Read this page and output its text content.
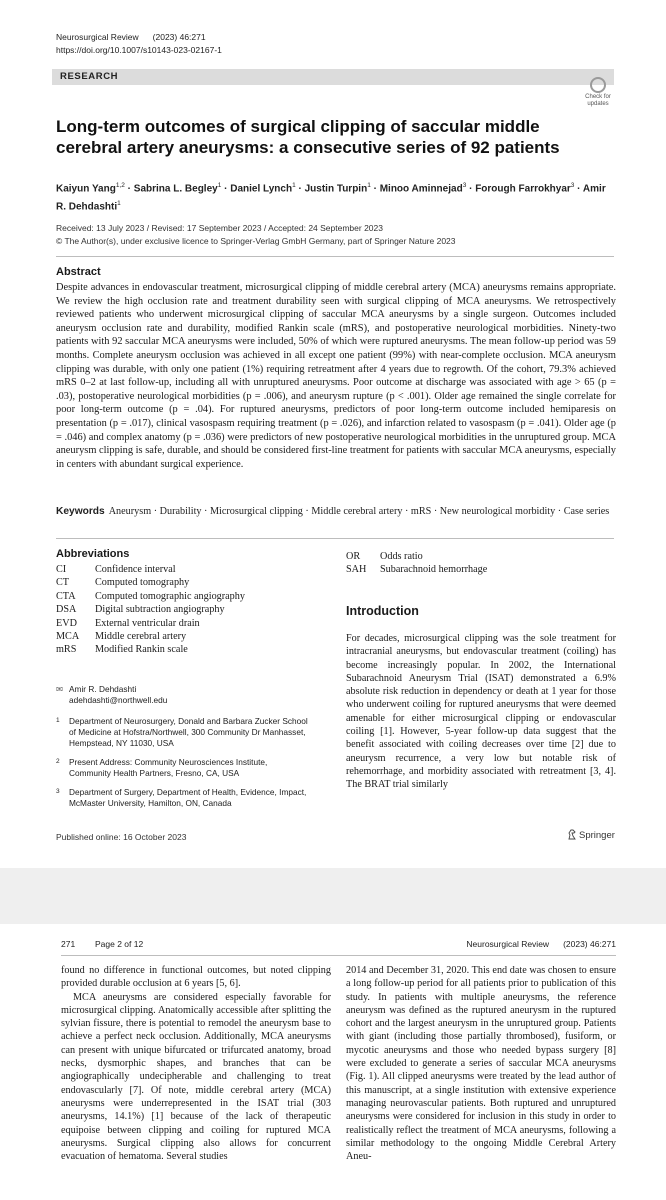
Neurosurgical Review (2023) 46:271
https://doi.org/10.1007/s10143-023-02167-1
RESEARCH
Check for
updates
Long-term outcomes of surgical clipping of saccular middle cerebral artery aneurysms: a consecutive series of 92 patients
Kaiyun Yang$^{1,2}$ · Sabrina L. Begley$^1$ · Daniel Lynch$^1$ · Justin Turpin$^1$ · Minoo Aminnejad$^3$ · Forough Farrokhyar$^3$ · Amir R. Dehdashti$^1$
Received: 13 July 2023 / Revised: 17 September 2023 / Accepted: 24 September 2023
© The Author(s), under exclusive licence to Springer-Verlag GmbH Germany, part of Springer Nature 2023
Abstract

Despite advances in endovascular treatment, microsurgical clipping of middle cerebral artery (MCA) aneurysms remains appropriate. We review the high occlusion rate and treatment durability seen with surgical clipping of MCA aneurysms. We retrospectively reviewed patients who underwent microsurgical clipping of saccular MCA aneurysms by a single surgeon. Outcomes included aneurysm occlusion rate and durability, modified Rankin scale (mRS), and postoperative neurological morbidities. Ninety-two patients with 92 saccular MCA aneurysms were included, 50% of which were ruptured aneurysms. The mean follow-up period was 59 months. Complete aneurysm occlusion was achieved in all except one patient (99%) with near-complete occlusion. MCA aneurysm clipping was durable, with only one patient (1%) requiring retreatment after 4 years due to regrowth. Of the cohort, 79.3% achieved mRS 0–2 at last follow-up, including all with unruptured aneurysms. Poor outcome at discharge was associated with age > 65 (p = .03), postoperative neurological morbidities (p = .006), and aneurysm rupture (p < .001). Older age remained the single correlate for poor long-term outcome (p = .04). For ruptured aneurysms, predictors of poor long-term outcome included hemiparesis on presentation (p = .017), clinical vasospasm requiring treatment (p = .026), and infarction related to vasospasm (p = .041). Older age (p = .046) and complex anatomy (p = .036) were predictors of new postoperative neurological morbidities in the unruptured group. MCA aneurysm clipping is safe, durable, and should be considered first-line treatment for patients with saccular MCA aneurysms, especially in centers with abundant surgical experience.

Keywords Aneurysm · Durability · Microsurgical clipping · Middle cerebral artery · mRS · New neurological morbidity · Case series
Abbreviations
CI	Confidence interval
CT	Computed tomography
CTA	Computed tomographic angiography
DSA	Digital subtraction angiography
EVD	External ventricular drain
MCA	Middle cerebral artery
mRS	Modified Rankin scale
OR	Odds ratio
SAH	Subarachnoid hemorrhage
Introduction

For decades, microsurgical clipping was the sole treatment for intracranial aneurysms, but endovascular treatment (coiling) has become increasingly popular. In 2002, the International Subarachnoid Aneurysm Trial (ISAT) demonstrated a 6.9% absolute risk reduction in dependency or death at 1 year for those who underwent coiling for ruptured aneurysms that were deemed amenable for either microsurgical clipping or endovascular coiling [1]. However, 5-year follow-up data suggest that the benefit associated with coiling decreases over time [2] due to aneurysm recurrence, a very low but notable risk of rehemorrhage, and morbidity associated with retreatment [3, 4]. The BRAT trial similarly

✉ Amir R. Dehdashti
adehdashti@northwell.edu
1	Department of Neurosurgery, Donald and Barbara Zucker School of Medicine at Hofstra/Northwell, 300 Community Dr Manhasset, Hempstead, NY 11030, USA
2	Present Address: Community Neurosciences Institute, Community Health Partners, Fresno, CA, USA
3	Department of Surgery, Department of Health, Evidence, Impact, McMaster University, Hamilton, ON, Canada
Published online: 16 October 2023	Springer
271 Page 2 of 12	Neurosurgical Review (2023) 46:271

found no difference in functional outcomes, but noted clipping provided durable occlusion at 6 years [5, 6].

MCA aneurysms are considered especially favorable for microsurgical clipping. Anatomically accessible after splitting the sylvian fissure, there is potential to remodel the aneurysm base to achieve a perfect neck occlusion. Additionally, MCA aneurysms can present with unique bifurcated or trifurcated anatomy, broad necks, dysmorphic shapes, and branches that can be angiographically undecipherable and challenging to treat endovascularly [7]. Of note, middle cerebral artery (MCA) aneurysms were underrepresented in the ISAT trial (303 aneurysms, 14.1%) [1] because of the lack of therapeutic equipoise between clipping and coiling for ruptured MCA aneurysms. Surgical clipping also allows for concurrent evacuation of hematoma. Several studies

2014 and December 31, 2020. This end date was chosen to ensure a long follow-up period for all patients prior to publication of this study. In patients with multiple aneurysms, the reference aneurysm was defined as the ruptured aneurysm in the ruptured cohort and the largest aneurysm in the unruptured group. Patients with giant (including those partially thrombosed), fusiform, or mycotic aneurysms and those who needed bypass surgery [8] were excluded to generate a series of saccular MCA aneurysms (Fig. 1). All clipped aneurysms were treated by the lead author of this manuscript, at a single institution with extensive experience managing neurovascular patients. Both ruptured and unruptured aneurysms were considered for inclusion in this study in order to realistically reflect the treatment of MCA aneurysms, following a similar methodology to the ongoing Middle Cerebral Artery Aneu-
